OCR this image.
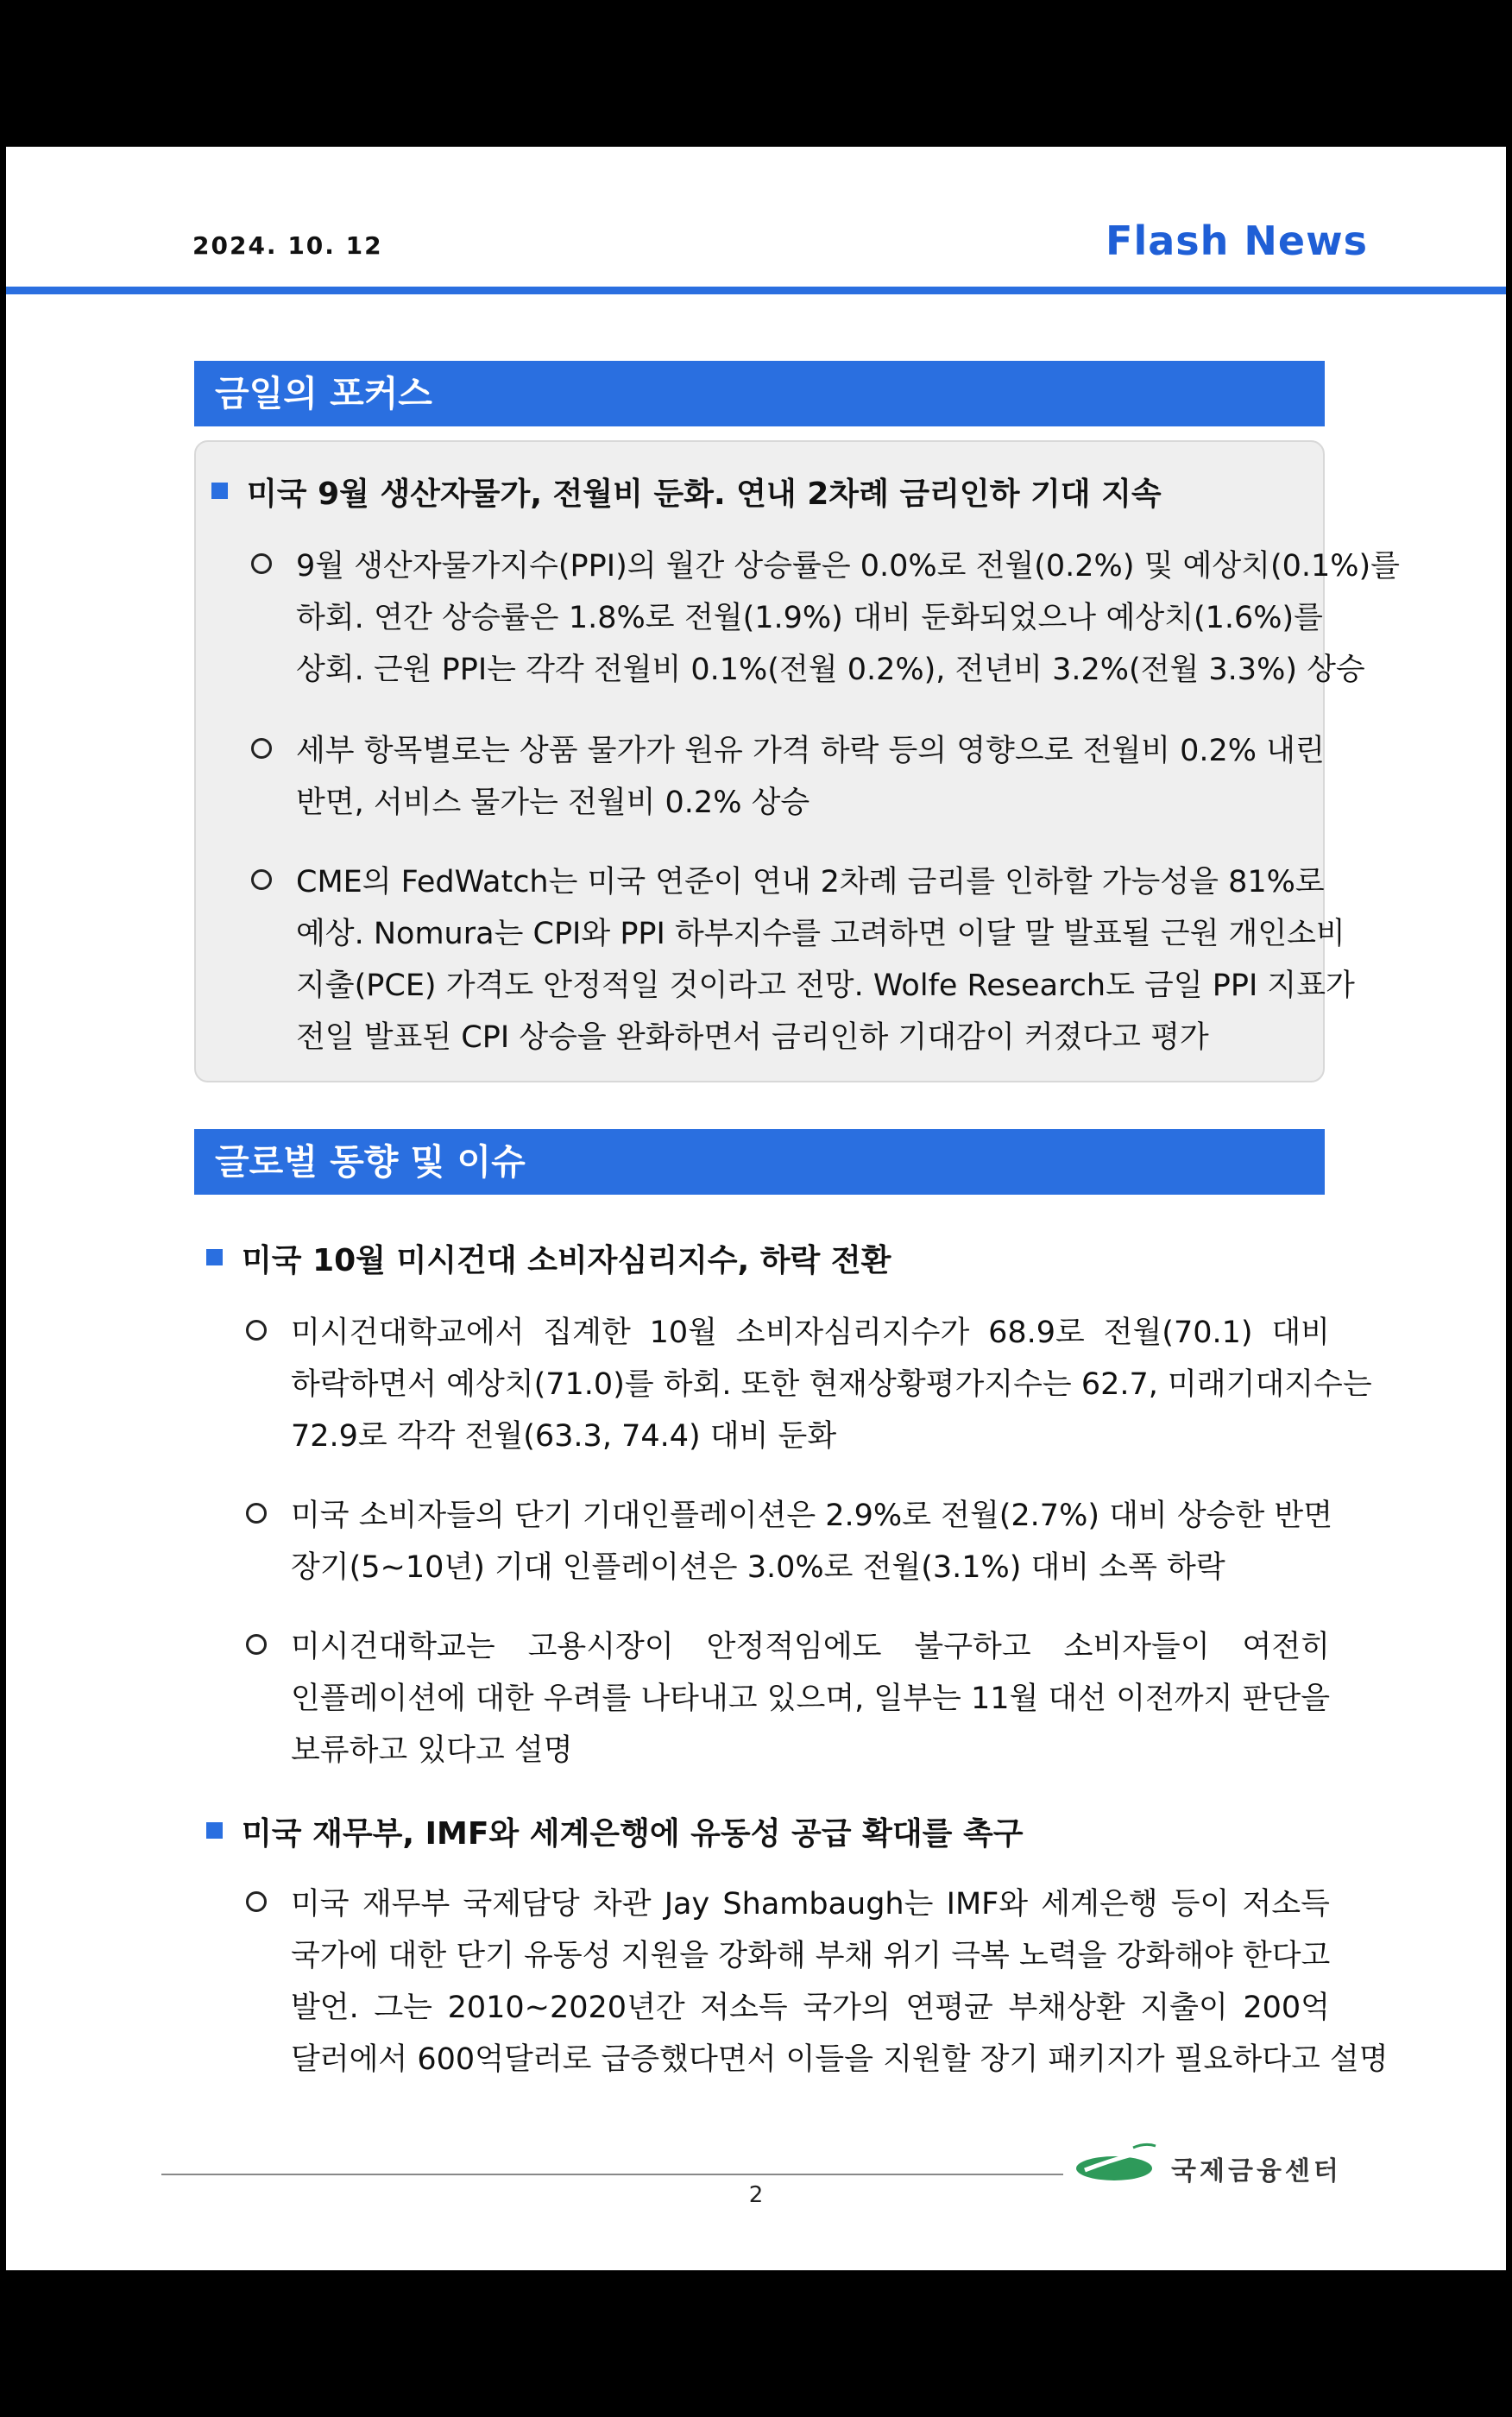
2024. 10. 12	Flash News
금일의 포커스
미국 9월 생산자물가, 전월비 둔화. 연내 2차례 금리인하 기대 지속
9월 생산자물가지수(PPI)의 월간 상승률은 0.0%로 전월(0.2%) 및 예상치(0.1%)를
하회. 연간 상승률은 1.8%로 전월(1.9%) 대비 둔화되었으나 예상치(1.6%)를
상회. 근원 PPI는 각각 전월비 0.1%(전월 0.2%), 전년비 3.2%(전월 3.3%) 상승
세부 항목별로는 상품 물가가 원유 가격 하락 등의 영향으로 전월비 0.2% 내린
반면, 서비스 물가는 전월비 0.2% 상승
CME의 FedWatch는 미국 연준이 연내 2차례 금리를 인하할 가능성을 81%로
예상. Nomura는 CPI와 PPI 하부지수를 고려하면 이달 말 발표될 근원 개인소비
지출(PCE) 가격도 안정적일 것이라고 전망. Wolfe Research도 금일 PPI 지표가
전일 발표된 CPI 상승을 완화하면서 금리인하 기대감이 커졌다고 평가
글로벌 동향 및 이슈
미국 10월 미시건대 소비자심리지수, 하락 전환
미시건대학교에서 집계한 10월 소비자심리지수가 68.9로 전월(70.1) 대비
하락하면서 예상치(71.0)를 하회. 또한 현재상황평가지수는 62.7, 미래기대지수는
72.9로 각각 전월(63.3, 74.4) 대비 둔화
미국 소비자들의 단기 기대인플레이션은 2.9%로 전월(2.7%) 대비 상승한 반면
장기(5~10년) 기대 인플레이션은 3.0%로 전월(3.1%) 대비 소폭 하락
미시건대학교는 고용시장이 안정적임에도 불구하고 소비자들이 여전히
인플레이션에 대한 우려를 나타내고 있으며, 일부는 11월 대선 이전까지 판단을
보류하고 있다고 설명
미국 재무부, IMF와 세계은행에 유동성 공급 확대를 촉구
미국 재무부 국제담당 차관 Jay Shambaugh는 IMF와 세계은행 등이 저소득
국가에 대한 단기 유동성 지원을 강화해 부채 위기 극복 노력을 강화해야 한다고
발언. 그는 2010~2020년간 저소득 국가의 연평균 부채상환 지출이 200억
달러에서 600억달러로 급증했다면서 이들을 지원할 장기 패키지가 필요하다고 설명
국제금융센터
2
